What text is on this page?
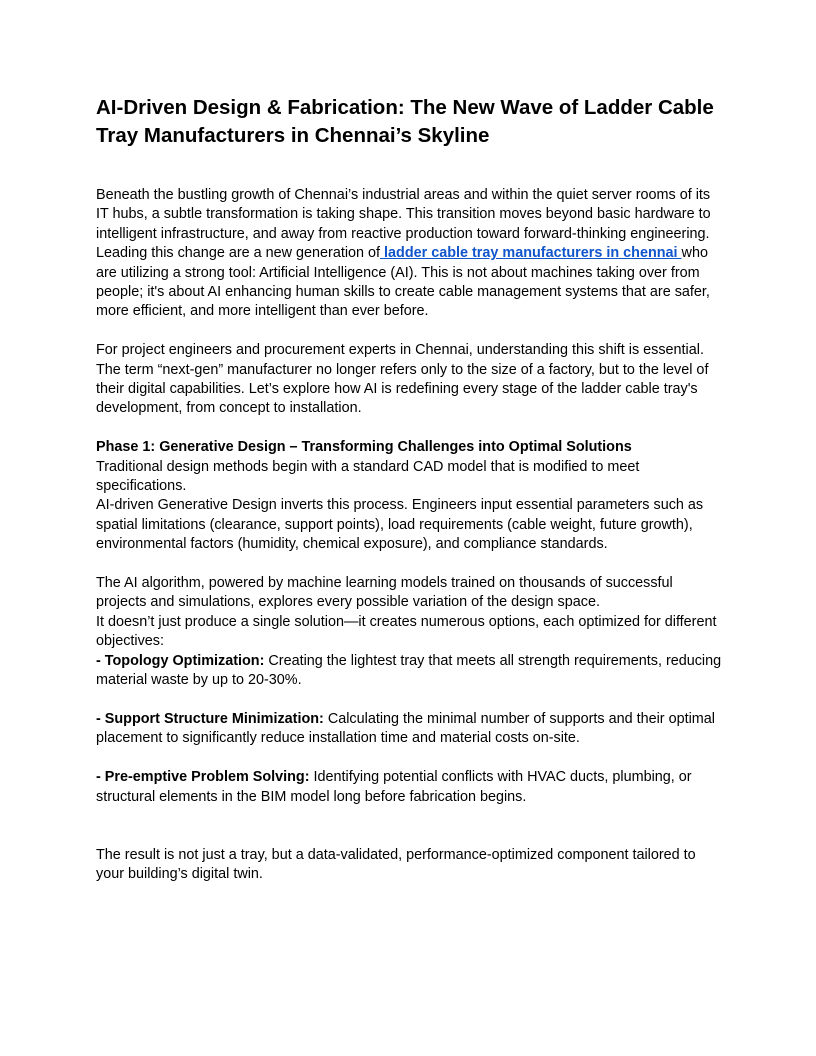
AI-Driven Design & Fabrication: The New Wave of Ladder Cable Tray Manufacturers in Chennai’s Skyline

Beneath the bustling growth of Chennai’s industrial areas and within the quiet server rooms of its IT hubs, a subtle transformation is taking shape. This transition moves beyond basic hardware to intelligent infrastructure, and away from reactive production toward forward-thinking engineering. Leading this change are a new generation of ladder cable tray manufacturers in chennai who are utilizing a strong tool: Artificial Intelligence (AI). This is not about machines taking over from people; it's about AI enhancing human skills to create cable management systems that are safer, more efficient, and more intelligent than ever before.

For project engineers and procurement experts in Chennai, understanding this shift is essential. The term “next-gen” manufacturer no longer refers only to the size of a factory, but to the level of their digital capabilities. Let’s explore how AI is redefining every stage of the ladder cable tray's development, from concept to installation.

Phase 1: Generative Design – Transforming Challenges into Optimal Solutions

Traditional design methods begin with a standard CAD model that is modified to meet specifications.

AI-driven Generative Design inverts this process. Engineers input essential parameters such as spatial limitations (clearance, support points), load requirements (cable weight, future growth), environmental factors (humidity, chemical exposure), and compliance standards.

The AI algorithm, powered by machine learning models trained on thousands of successful projects and simulations, explores every possible variation of the design space.

It doesn’t just produce a single solution—it creates numerous options, each optimized for different objectives:

- Topology Optimization: Creating the lightest tray that meets all strength requirements, reducing material waste by up to 20-30%.

- Support Structure Minimization: Calculating the minimal number of supports and their optimal placement to significantly reduce installation time and material costs on-site.

- Pre-emptive Problem Solving: Identifying potential conflicts with HVAC ducts, plumbing, or structural elements in the BIM model long before fabrication begins.

The result is not just a tray, but a data-validated, performance-optimized component tailored to your building’s digital twin.
